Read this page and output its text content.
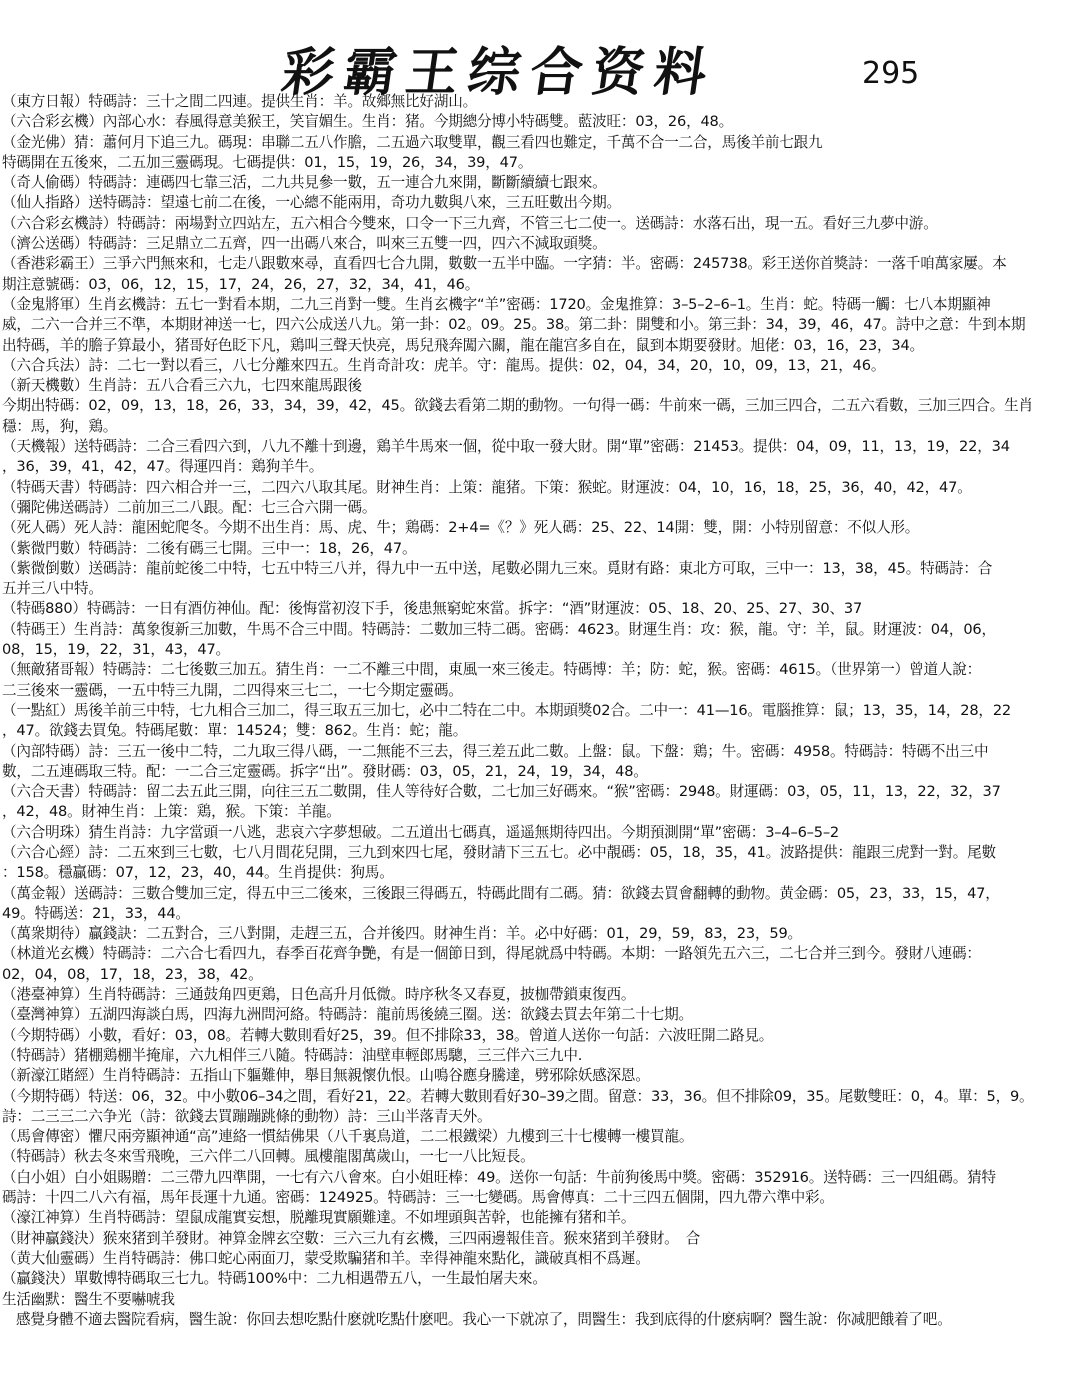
彩霸王综合资料	295
（東方日報）特碼詩：三十之間二四連。提供生肖：羊。故鄉無比好湖山。
（六合彩玄機）內部心水：春風得意美猴王，笑盲媚生。生肖：猪。今期總分博小特碼雙。藍波旺：03，26，48。
（金光佛）猜：蕭何月下追三九。碼現：串聯二五八作膽，二五過六取雙單，觀三看四也難定，千萬不合一二合，馬後羊前七跟九
特碼開在五後來，二五加三靈碼現。七碼提供：01，15，19，26，34，39，47。
（奇人偷碼）特碼詩：連碼四七靠三活，二九共見參一數，五一連合九來開，斷斷續續七跟來。
（仙人指路）送特碼詩：望遠七前二在後，一心總不能兩用，奇功九數與八來，三五旺數出今期。
（六合彩玄機詩）特碼詩：兩場對立四站左，五六相合今雙來，口令一下三九齊，不管三七二使一。送碼詩：水落石出，現一五。看好三九夢中游。
（濟公送碼）特碼詩：三足鼎立二五齊，四一出碼八來合，叫來三五雙一四，四六不減取頭獎。
（香港彩霸王）三爭六門無來和，七走八跟數來尋，直看四七合九開，數數一五半中臨。一字猜：半。密碼：245738。彩王送你首獎詩：一落千咱萬家屢。本
期注意號碼：03，06，12，15，17，24，26，27，32，34，41，46。
（金鬼將軍）生肖玄機詩：五七一對看本期，二九三肖對一雙。生肖玄機字“羊”密碼：1720。金鬼推算：3–5–2–6–1。生肖：蛇。特碼一觸：七八本期顯神
威，二六一合并三不準，本期財神送一七，四六公成送八九。第一卦：02。09。25。38。第二卦：開雙和小。第三卦：34，39，46，47。詩中之意：牛到本期
出特碼，羊的膽子算最小，猪哥好色眨下凡，鶏叫三聲天快亮，馬兒飛奔闖六關，龍在龍宫多自在，鼠到本期要發財。旭佬：03，16，23，34。
（六合兵法）詩：二七一對以看三，八七分離來四五。生肖奇計攻：虎羊。守：龍馬。提供：02，04，34，20，10，09，13，21，46。
（新天機數）生肖詩：五八合看三六九，七四來龍馬跟後
今期出特碼：02，09，13，18，26，33，34，39，42，45。欲錢去看第二期的動物。一句得一碼：牛前來一碼，三加三四合，二五六看數，三加三四合。生肖
穩：馬，狗，鶏。
（天機報）送特碼詩：二合三看四六到，八九不離十到邊，鶏羊牛馬來一個，從中取一發大財。開“單”密碼：21453。提供：04，09，11，13，19，22，34
，36，39，41，42，47。得運四肖：鶏狗羊牛。
（特碼天書）特碼詩：四六相合并一三，二四六八取其尾。財神生肖：上策：龍猪。下策：猴蛇。財運波：04，10，16，18，25，36，40，42，47。
（彌陀佛送碼詩）二前加三二八跟。配：七三合六開一碼。
（死人碼）死人詩：龍困蛇爬冬。今期不出生肖：馬、虎、牛；鶏碼：2+4=《？》死人碼：25、22、14開：雙，開：小特別留意：不似人形。
（紫微門數）特碼詩：二後有碼三七開。三中一：18，26，47。
（紫微倒數）送碼詩：龍前蛇後二中特，七五中特三八并，得九中一五中送，尾數必開九三來。覓財有路：東北方可取，三中一：13，38，45。特碼詩：合
五并三八中特。
（特碼880）特碼詩：一日有酒仿神仙。配：後悔當初沒下手，後患無窮蛇來當。拆字：“酒”財運波：05、18、20、25、27、30、37
（特碼王）生肖詩：萬象復新三加數，牛馬不合三中間。特碼詩：二數加三特二碼。密碼：4623。財運生肖：攻：猴，龍。守：羊，鼠。財運波：04，06，
08，15，19，22，31，43，47。
（無敵猪哥報）特碼詩：二七後數三加五。猜生肖：一二不離三中間，東風一來三後走。特碼博：羊；防：蛇，猴。密碼：4615。（世界第一）曾道人說：
二三後來一靈碼，一五中特三九開，二四得來三七二，一七今期定靈碼。
（一點紅）馬後羊前三中特，七九相合三加二，得三取五三加七，必中二特在二中。本期頭獎02合。二中一：41—16。電腦推算：鼠；13，35，14，28，22
，47。欲錢去買兔。特碼尾數：單：14524；雙：862。生肖：蛇；龍。
（內部特碼）詩：三五一後中二特，二九取三得八碼，一二無能不三去，得三差五此二數。上盤：鼠。下盤：鶏；牛。密碼：4958。特碼詩：特碼不出三中
數，二五連碼取三特。配：一二合三定靈碼。拆字“出”。發財碼：03，05，21，24，19，34，48。
（六合天書）特碼詩：留二去五此三開，向往三五二數開，佳人等待好合數，二七加三好碼來。“猴”密碼：2948。財運碼：03，05，11，13，22，32，37
，42，48。財神生肖：上策：鶏，猴。下策：羊龍。
（六合明珠）猜生肖詩：九字當頭一八逃，悲哀六字夢想破。二五道出七碼真，遥遥無期待四出。今期預測開“單”密碼：3–4–6–5–2
（六合心經）詩：二五來到三七數，七八月間花兒開，三九到來四七尾，發財請下三五七。必中靚碼：05，18，35，41。波路提供：龍跟三虎對一對。尾數
：158。穩贏碼：07，12，23，40，44。生肖提供：狗馬。
（萬金報）送碼詩：三數合雙加三定，得五中三二後來，三後跟三得碼五，特碼此間有二碼。猜：欲錢去買會翻轉的動物。黄金碼：05，23，33，15，47，
49。特碼送：21，33，44。
（萬衆期待）贏錢訣：二五對合，三八對開，走趕三五，合并後四。財神生肖：羊。必中好碼：01，29，59，83，23，59。
（林道光玄機）特碼詩：二六合七看四九，春季百花齊争艷，有是一個節日到，得尾就爲中特碼。本期：一路領先五六三，二七合并三到今。發財八連碼：
02，04，08，17，18，23，38，42。
（港臺神算）生肖特碼詩：三通鼓角四更鶏，日色高升月低微。時序秋冬又春夏，披枷帶鎖東復西。
（臺灣神算）五湖四海談白馬，四海九洲問河絡。特碼詩：龍前馬後繞三圈。送：欲錢去買去年第二十七期。
（今期特碼）小數，看好：03，08。若轉大數則看好25，39。但不排除33，38。曾道人送你一句話：六波旺開二路見。
（特碼詩）猪棚鶏棚半掩扉，六九相伴三八隨。特碼詩：油壁車輕郎馬驄，三三伴六三九中.
（新濠江賭經）生肖特碼詩：五指山下軀難伸，舉目無親懷仇恨。山鳴谷應身騰達，劈邪除妖感深恩。
（今期特碼）特送：06，32。中小數06–34之間，看好21，22。若轉大數則看好30–39之間。留意：33，36。但不排除09，35。尾數雙旺：0，4。單：5，9。
詩：二三三二六争光（詩：欲錢去買蹦蹦跳條的動物）詩：三山半落青天外。
（馬會傳密）懼尺兩旁顯神通“高”連絡一慣結佛果（八千裏鳥道，二二根鐵梁）九樓到三十七樓轉一樓買龍。
（特碼詩）秋去冬來雪飛晚，三六伴二八回轉。風樓龍閣萬歲山，一七一八比短長。
（白小姐）白小姐賜贈：二三帶九四準開，一七有六八會來。白小姐旺棒：49。送你一句話：牛前狗後馬中獎。密碼：352916。送特碼：三一四組碼。猜特
碼詩：十四二八六有福，馬年長運十九通。密碼：124925。特碼詩：三一七變碼。馬會傳真：二十三四五個開，四九帶六準中彩。
（濠江神算）生肖特碼詩：望鼠成龍實妄想，脱離現實願難達。不如埋頭與苦幹，也能擁有猪和羊。
（財神贏錢決）猴來猪到羊發財。神算金牌玄空數：三六三九有玄機，三四兩邊報佳音。猴來猪到羊發財。　合
（黄大仙靈碼）生肖特碼詩：佛口蛇心兩面刀，蒙受欺騙猪和羊。幸得神龍來點化，識破真相不爲遲。
（贏錢決）單數博特碼取三七九。特碼100%中：二九相遇帶五八，一生最怕屠夫來。
生活幽默：醫生不要嚇唬我
感覺身體不適去醫院看病，醫生說：你回去想吃點什麽就吃點什麽吧。我心一下就凉了，問醫生：我到底得的什麽病啊？醫生說：你减肥餓着了吧。
